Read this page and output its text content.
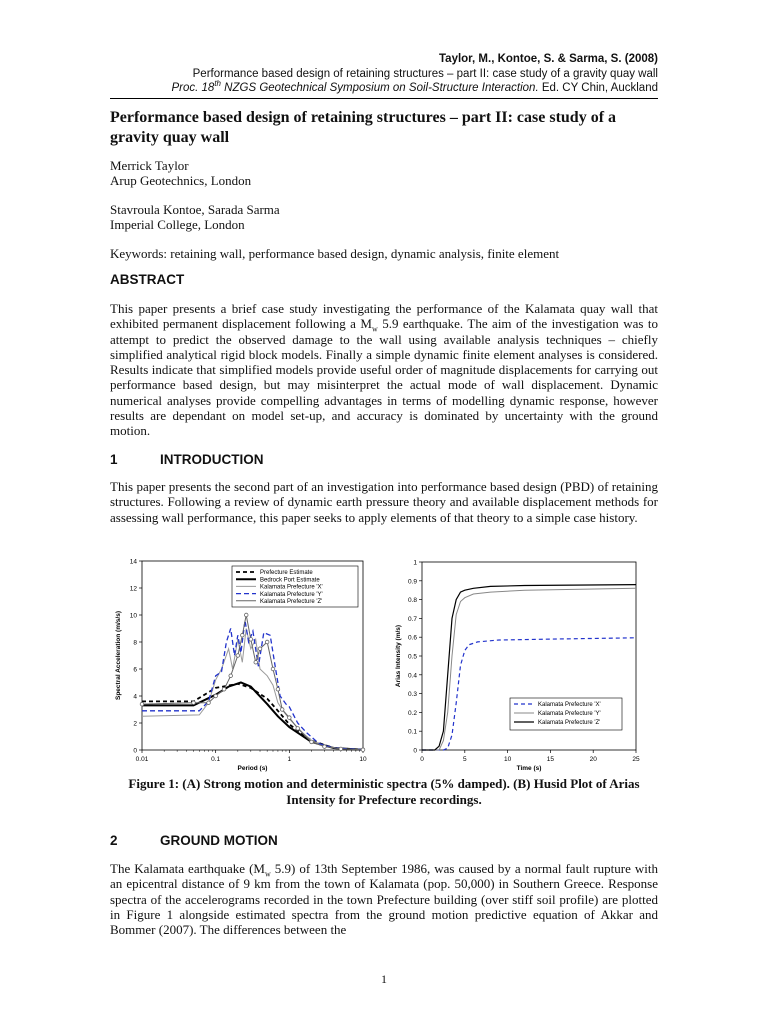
Taylor, M., Kontoe, S. & Sarma, S. (2008)
Performance based design of retaining structures – part II: case study of a gravity quay wall
Proc. 18th NZGS Geotechnical Symposium on Soil-Structure Interaction. Ed. CY Chin, Auckland
Performance based design of retaining structures – part II: case study of a gravity quay wall
Merrick Taylor
Arup Geotechnics, London
Stavroula Kontoe, Sarada Sarma
Imperial College, London
Keywords: retaining wall, performance based design, dynamic analysis, finite element
ABSTRACT
This paper presents a brief case study investigating the performance of the Kalamata quay wall that exhibited permanent displacement following a $M_w$ 5.9 earthquake. The aim of the investigation was to attempt to predict the observed damage to the wall using available analysis techniques – chiefly simplified analytical rigid block models. Finally a simple dynamic finite element analyses is considered. Results indicate that simplified models provide useful order of magnitude displacements for carrying out performance based design, but may misinterpret the actual mode of wall displacement. Dynamic numerical analyses provide compelling advantages in terms of modelling dynamic response, however results are dependant on model set-up, and accuracy is dominated by uncertainty with the ground motion.
1	INTRODUCTION
This paper presents the second part of an investigation into performance based design (PBD) of retaining structures. Following a review of dynamic earth pressure theory and available displacement methods for assessing wall performance, this paper seeks to apply elements of that theory to a simple case history.
0
2
4
6
8
10
12
14
0.01	0.1	1	10
Period (s)
Spectral Acceleration (m/s/s)
Prefecture Estimate
Bedrock Port Estimate
Kalamata Prefecture 'X'
Kalamata Prefecture 'Y'
Kalamata Prefecture 'Z'
0
0.1
0.2
0.3
0.4
0.5
0.6
0.7
0.8
0.9
1
0	5	10	15	20	25
Time (s)
Arias Intensity (m/s)
Kalamata Prefecture 'X'
Kalamata Prefecture 'Y'
Kalamata Prefecture 'Z'
Figure 1: (A) Strong motion and deterministic spectra (5% damped). (B) Husid Plot of Arias Intensity for Prefecture recordings.
2	GROUND MOTION
The Kalamata earthquake ($M_w$ 5.9) of 13th September 1986, was caused by a normal fault rupture with an epicentral distance of 9 km from the town of Kalamata (pop. 50,000) in Southern Greece. Response spectra of the accelerograms recorded in the town Prefecture building (over stiff soil profile) are plotted in Figure 1 alongside estimated spectra from the ground motion predictive equation of Akkar and Bommer (2007). The differences between the
1
